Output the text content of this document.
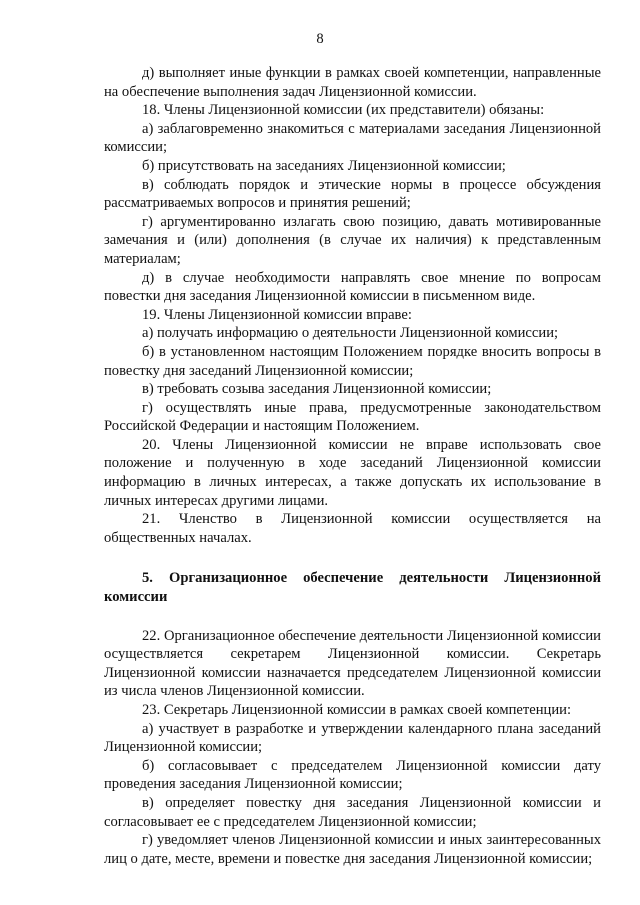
8

д) выполняет иные функции в рамках своей компетенции, направленные на обеспечение выполнения задач Лицензионной комиссии.

18. Члены Лицензионной комиссии (их представители) обязаны:

а) заблаговременно знакомиться с материалами заседания Лицензионной комиссии;

б) присутствовать на заседаниях Лицензионной комиссии;

в) соблюдать порядок и этические нормы в процессе обсуждения рассматриваемых вопросов и принятия решений;

г) аргументированно излагать свою позицию, давать мотивированные замечания и (или) дополнения (в случае их наличия) к представленным материалам;

д) в случае необходимости направлять свое мнение по вопросам повестки дня заседания Лицензионной комиссии в письменном виде.

19. Члены Лицензионной комиссии вправе:

а) получать информацию о деятельности Лицензионной комиссии;

б) в установленном настоящим Положением порядке вносить вопросы в повестку дня заседаний Лицензионной комиссии;

в) требовать созыва заседания Лицензионной комиссии;

г) осуществлять иные права, предусмотренные законодательством Российской Федерации и настоящим Положением.

20. Члены Лицензионной комиссии не вправе использовать свое положение и полученную в ходе заседаний Лицензионной комиссии информацию в личных интересах, а также допускать их использование в личных интересах другими лицами.

21. Членство в Лицензионной комиссии осуществляется на общественных началах.

5. Организационное обеспечение деятельности Лицензионной комиссии

22. Организационное обеспечение деятельности Лицензионной комиссии осуществляется секретарем Лицензионной комиссии. Секретарь Лицензионной комиссии назначается председателем Лицензионной комиссии из числа членов Лицензионной комиссии.

23. Секретарь Лицензионной комиссии в рамках своей компетенции:

а) участвует в разработке и утверждении календарного плана заседаний Лицензионной комиссии;

б) согласовывает с председателем Лицензионной комиссии дату проведения заседания Лицензионной комиссии;

в) определяет повестку дня заседания Лицензионной комиссии и согласовывает ее с председателем Лицензионной комиссии;

г) уведомляет членов Лицензионной комиссии и иных заинтересованных лиц о дате, месте, времени и повестке дня заседания Лицензионной комиссии;
